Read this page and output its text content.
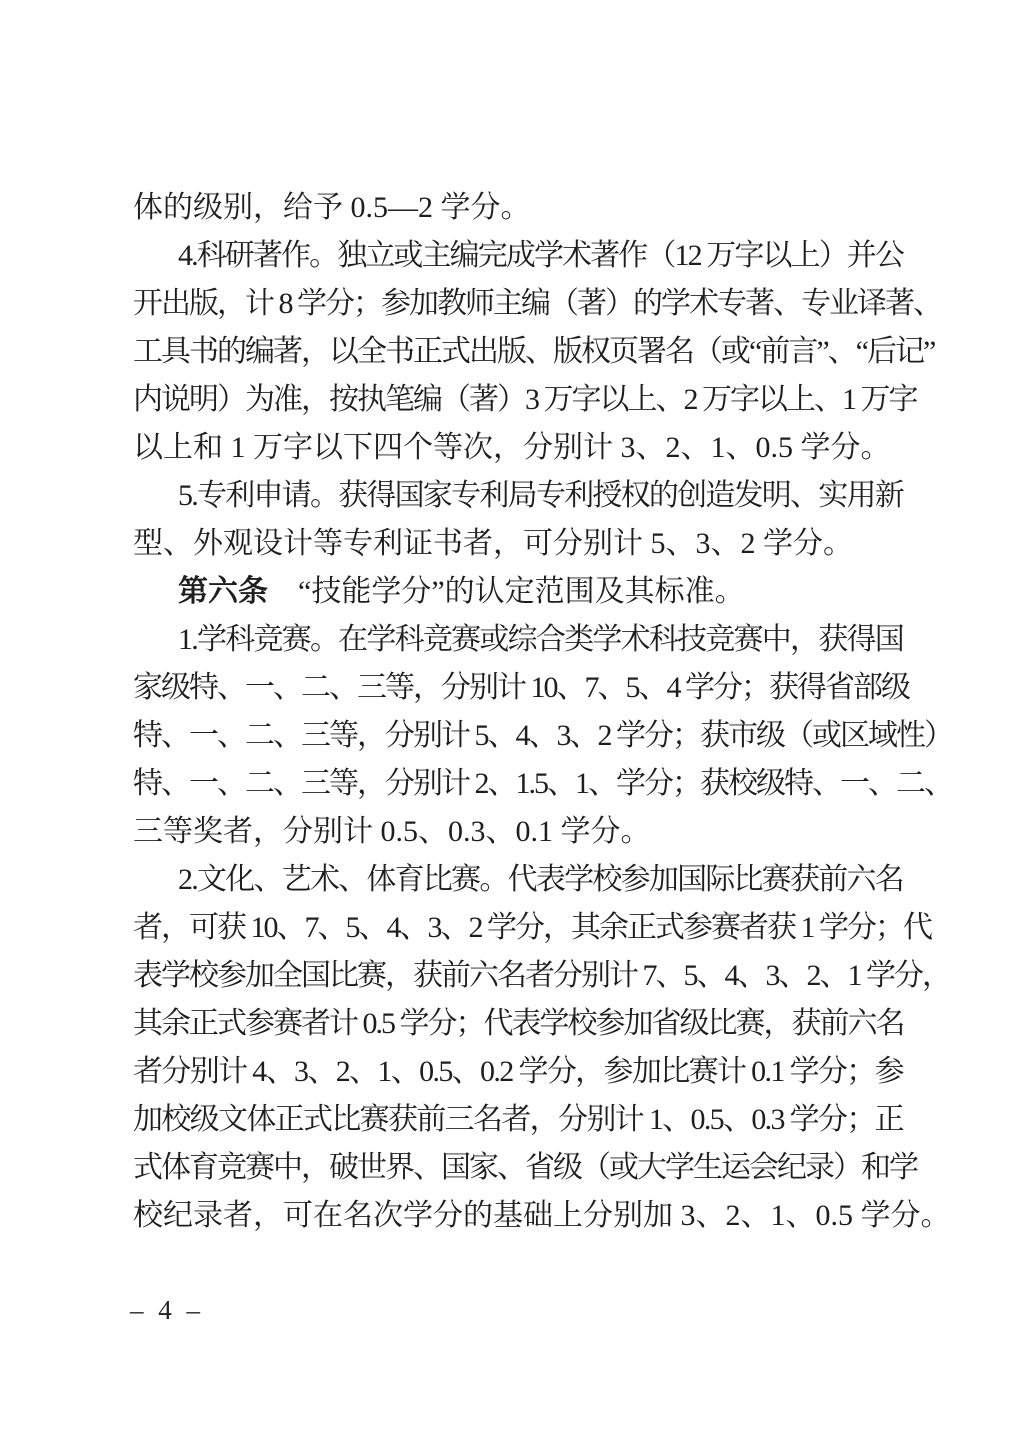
体的级别，给予 0.5—2 学分。
4.科研著作。独立或主编完成学术著作（12 万字以上）并公
开出版，计 8 学分；参加教师主编（著）的学术专著、专业译著、
工具书的编著，以全书正式出版、版权页署名（或“前言”、“后记”
内说明）为准，按执笔编（著）3 万字以上、2 万字以上、1 万字
以上和 1 万字以下四个等次，分别计 3、2、1、0.5 学分。
5.专利申请。获得国家专利局专利授权的创造发明、实用新
型、外观设计等专利证书者，可分别计 5、3、2 学分。
第六条　“技能学分”的认定范围及其标准。
1.学科竞赛。在学科竞赛或综合类学术科技竞赛中，获得国
家级特、一、二、三等，分别计 10、7、5、4 学分；获得省部级
特、一、二、三等，分别计 5、4、3、2 学分；获市级（或区域性）
特、一、二、三等，分别计 2、1.5、1、学分；获校级特、一、二、
三等奖者，分别计 0.5、0.3、0.1 学分。
2.文化、艺术、体育比赛。代表学校参加国际比赛获前六名
者，可获 10、7、5、4、3、2 学分，其余正式参赛者获 1 学分；代
表学校参加全国比赛，获前六名者分别计 7、5、4、3、2、1 学分，
其余正式参赛者计 0.5 学分；代表学校参加省级比赛，获前六名
者分别计 4、3、2、1、0.5、0.2 学分，参加比赛计 0.1 学分；参
加校级文体正式比赛获前三名者，分别计 1、0.5、0.3 学分；正
式体育竞赛中，破世界、国家、省级（或大学生运会纪录）和学
校纪录者，可在名次学分的基础上分别加 3、2、1、0.5 学分。
– 4 –
